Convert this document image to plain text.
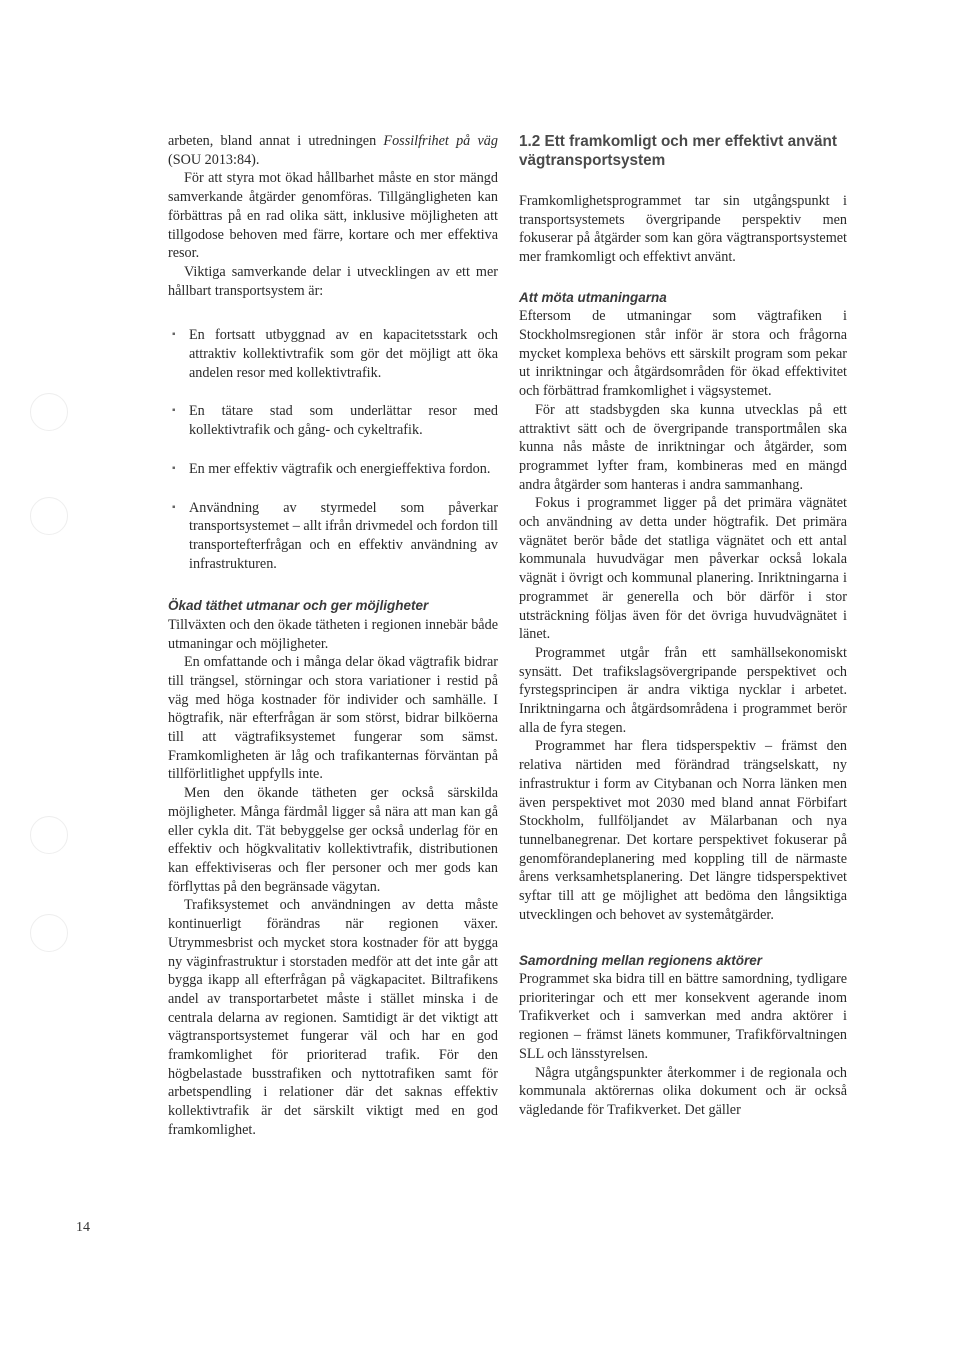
arbeten, bland annat i utredningen Fossilfrihet på väg (SOU 2013:84).

För att styra mot ökad hållbarhet måste en stor mängd samverkande åtgärder genomföras. Tillgängligheten kan förbättras på en rad olika sätt, inklusive möjligheten att tillgodose behoven med färre, kortare och mer effektiva resor.

Viktiga samverkande delar i utvecklingen av ett mer hållbart transportsystem är:

▪ En fortsatt utbyggnad av en kapacitetsstark och attraktiv kollektivtrafik som gör det möjligt att öka andelen resor med kollektivtrafik.
▪ En tätare stad som underlättar resor med kollektivtrafik och gång- och cykeltrafik.
▪ En mer effektiv vägtrafik och energieffektiva fordon.
▪ Användning av styrmedel som påverkar transportsystemet – allt ifrån drivmedel och fordon till transportefterfrågan och en effektiv användning av infrastrukturen.
Ökad täthet utmanar och ger möjligheter

Tillväxten och den ökade tätheten i regionen innebär både utmaningar och möjligheter.

En omfattande och i många delar ökad vägtrafik bidrar till trängsel, störningar och stora variationer i restid på väg med höga kostnader för individer och samhälle. I högtrafik, när efterfrågan är som störst, bidrar bilköerna till att vägtrafiksystemet fungerar som sämst. Framkomligheten är låg och trafikanternas förväntan på tillförlitlighet uppfylls inte.

Men den ökande tätheten ger också särskilda möjligheter. Många färdmål ligger så nära att man kan gå eller cykla dit. Tät bebyggelse ger också underlag för en effektiv och högkvalitativ kollektivtrafik, distributionen kan effektiviseras och fler personer och mer gods kan förflyttas på den begränsade vägytan.

Trafiksystemet och användningen av detta måste kontinuerligt förändras när regionen växer. Utrymmesbrist och mycket stora kostnader för att bygga ny väginfrastruktur i storstaden medför att det inte går att bygga ikapp all efterfrågan på vägkapacitet. Biltrafikens andel av transportarbetet måste i stället minska i de centrala delarna av regionen. Samtidigt är det viktigt att vägtransportsystemet fungerar väl och har en god framkomlighet för prioriterad trafik. För den högbelastade busstrafiken och nyttotrafiken samt för arbetspendling i relationer där det saknas effektiv kollektivtrafik är det särskilt viktigt med en god framkomlighet.

1.2 Ett framkomligt och mer effektivt använt vägtransportsystem

Framkomlighetsprogrammet tar sin utgångspunkt i transportsystemets övergripande perspektiv men fokuserar på åtgärder som kan göra vägtransportsystemet mer framkomligt och effektivt använt.

Att möta utmaningarna

Eftersom de utmaningar som vägtrafiken i Stockholmsregionen står inför är stora och frågorna mycket komplexa behövs ett särskilt program som pekar ut inriktningar och åtgärdsområden för ökad effektivitet och förbättrad framkomlighet i vägsystemet.

För att stadsbygden ska kunna utvecklas på ett attraktivt sätt och de övergripande transportmålen ska kunna nås måste de inriktningar och åtgärder, som programmet lyfter fram, kombineras med en mängd andra åtgärder som hanteras i andra sammanhang.

Fokus i programmet ligger på det primära vägnätet och användning av detta under högtrafik. Det primära vägnätet berör både det statliga vägnätet och ett antal kommunala huvudvägar men påverkar också lokala vägnät i övrigt och kommunal planering. Inriktningarna i programmet är generella och bör därför i stor utsträckning följas även för det övriga huvudvägnätet i länet.

Programmet utgår från ett samhällsekonomiskt synsätt. Det trafikslagsövergripande perspektivet och fyrstegsprincipen är andra viktiga nycklar i arbetet. Inriktningarna och åtgärdsområdena i programmet berör alla de fyra stegen.

Programmet har flera tidsperspektiv – främst den relativa närtiden med förändrad trängselskatt, ny infrastruktur i form av Citybanan och Norra länken men även perspektivet mot 2030 med bland annat Förbifart Stockholm, fullföljandet av Mälarbanan och nya tunnelbanegrenar. Det kortare perspektivet fokuserar på genomförandeplanering med koppling till de närmaste årens verksamhetsplanering. Det längre tidsperspektivet syftar till att ge möjlighet att bedöma den långsiktiga utvecklingen och behovet av systemåtgärder.

Samordning mellan regionens aktörer

Programmet ska bidra till en bättre samordning, tydligare prioriteringar och ett mer konsekvent agerande inom Trafikverket och i samverkan med andra aktörer i regionen – främst länets kommuner, Trafikförvaltningen SLL och länsstyrelsen.

Några utgångspunkter återkommer i de regionala och kommunala aktörernas olika dokument och är också vägledande för Trafikverket. Det gäller

14
